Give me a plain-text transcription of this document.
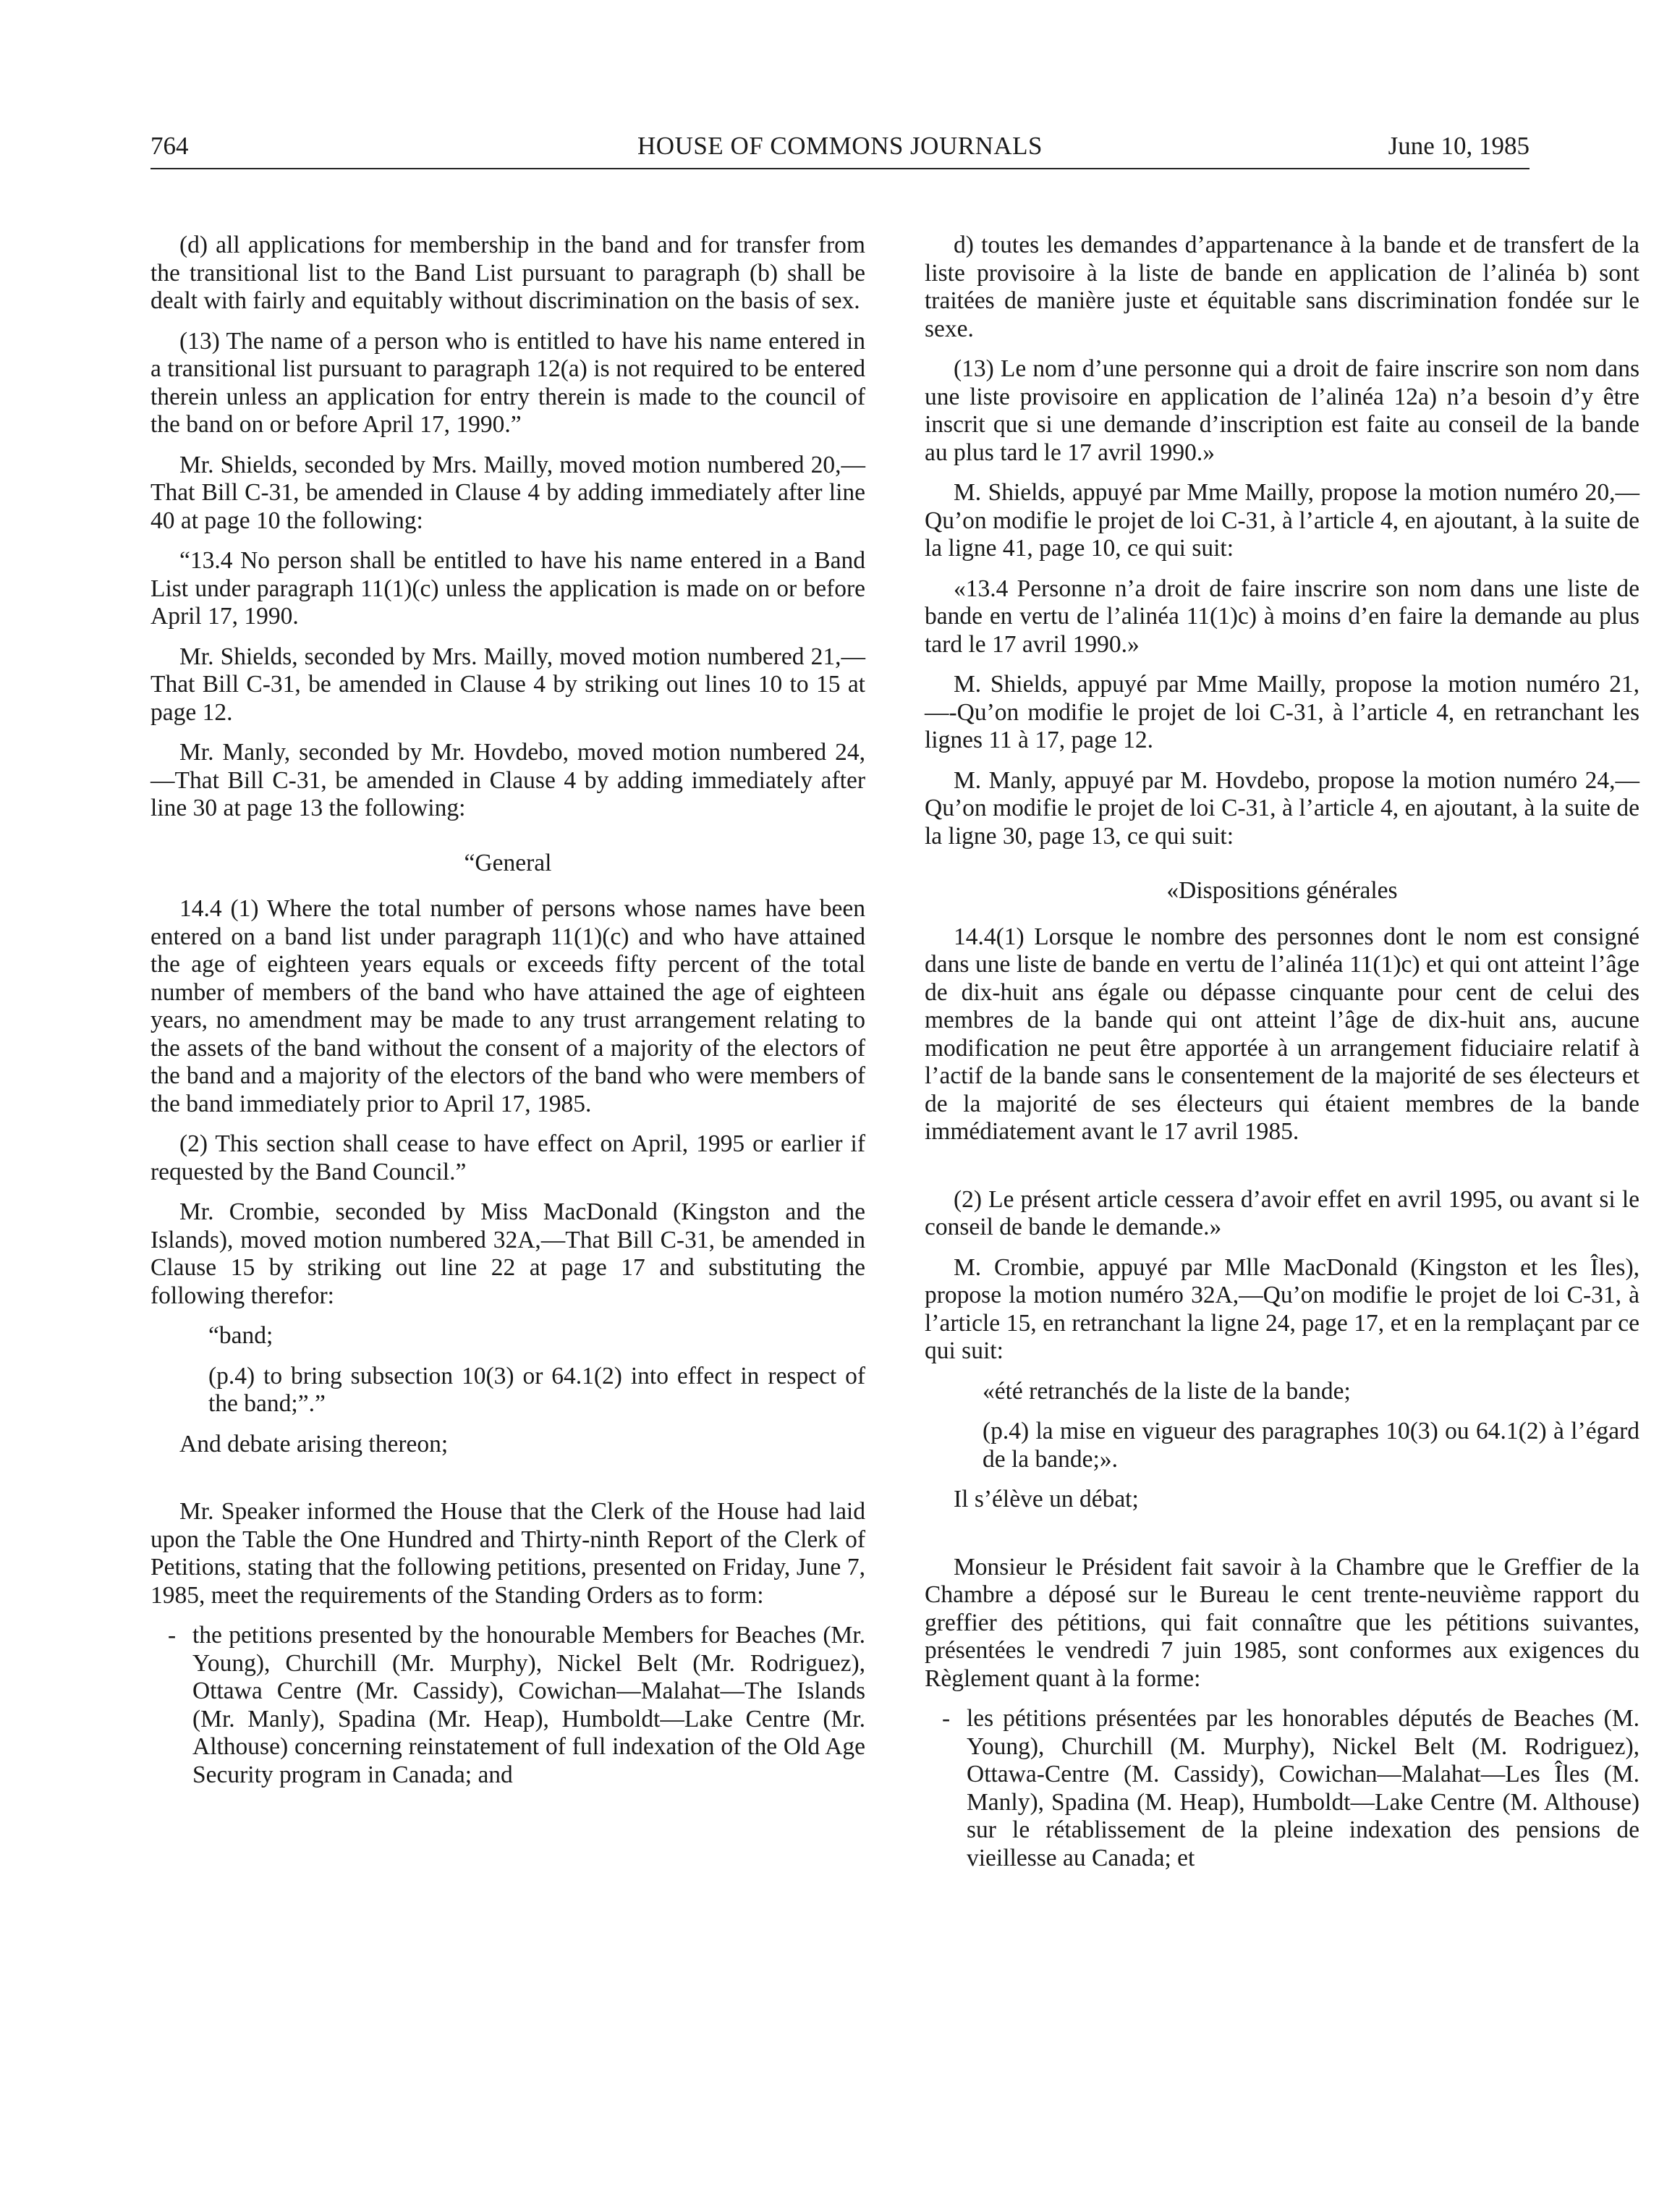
764	HOUSE OF COMMONS JOURNALS	June 10, 1985

(d) all applications for membership in the band and for transfer from the transitional list to the Band List pursuant to paragraph (b) shall be dealt with fairly and equitably without discrimination on the basis of sex.

(13) The name of a person who is entitled to have his name entered in a transitional list pursuant to paragraph 12(a) is not required to be entered therein unless an application for entry therein is made to the council of the band on or before April 17, 1990.”

Mr. Shields, seconded by Mrs. Mailly, moved motion numbered 20,—That Bill C-31, be amended in Clause 4 by adding immediately after line 40 at page 10 the following:

“13.4 No person shall be entitled to have his name entered in a Band List under paragraph 11(1)(c) unless the application is made on or before April 17, 1990.

Mr. Shields, seconded by Mrs. Mailly, moved motion numbered 21,—That Bill C-31, be amended in Clause 4 by striking out lines 10 to 15 at page 12.

Mr. Manly, seconded by Mr. Hovdebo, moved motion numbered 24,—That Bill C-31, be amended in Clause 4 by adding immediately after line 30 at page 13 the following:

“General

14.4 (1) Where the total number of persons whose names have been entered on a band list under paragraph 11(1)(c) and who have attained the age of eighteen years equals or exceeds fifty percent of the total number of members of the band who have attained the age of eighteen years, no amendment may be made to any trust arrangement relating to the assets of the band without the consent of a majority of the electors of the band and a majority of the electors of the band who were members of the band immediately prior to April 17, 1985.

(2) This section shall cease to have effect on April, 1995 or earlier if requested by the Band Council.”

Mr. Crombie, seconded by Miss MacDonald (Kingston and the Islands), moved motion numbered 32A,—That Bill C-31, be amended in Clause 15 by striking out line 22 at page 17 and substituting the following therefor:

“band;

(p.4) to bring subsection 10(3) or 64.1(2) into effect in respect of the band;”.”

And debate arising thereon;

Mr. Speaker informed the House that the Clerk of the House had laid upon the Table the One Hundred and Thirty-ninth Report of the Clerk of Petitions, stating that the following petitions, presented on Friday, June 7, 1985, meet the requirements of the Standing Orders as to form:

- the petitions presented by the honourable Members for Beaches (Mr. Young), Churchill (Mr. Murphy), Nickel Belt (Mr. Rodriguez), Ottawa Centre (Mr. Cassidy), Cowichan—Malahat—The Islands (Mr. Manly), Spadina (Mr. Heap), Humboldt—Lake Centre (Mr. Althouse) concerning reinstatement of full indexation of the Old Age Security program in Canada; and

d) toutes les demandes d’appartenance à la bande et de transfert de la liste provisoire à la liste de bande en application de l’alinéa b) sont traitées de manière juste et équitable sans discrimination fondée sur le sexe.

(13) Le nom d’une personne qui a droit de faire inscrire son nom dans une liste provisoire en application de l’alinéa 12a) n’a besoin d’y être inscrit que si une demande d’inscription est faite au conseil de la bande au plus tard le 17 avril 1990.»

M. Shields, appuyé par Mme Mailly, propose la motion numéro 20,—Qu’on modifie le projet de loi C-31, à l’article 4, en ajoutant, à la suite de la ligne 41, page 10, ce qui suit:

«13.4 Personne n’a droit de faire inscrire son nom dans une liste de bande en vertu de l’alinéa 11(1)c) à moins d’en faire la demande au plus tard le 17 avril 1990.»

M. Shields, appuyé par Mme Mailly, propose la motion numéro 21,—-Qu’on modifie le projet de loi C-31, à l’article 4, en retranchant les lignes 11 à 17, page 12.

M. Manly, appuyé par M. Hovdebo, propose la motion numéro 24,—Qu’on modifie le projet de loi C-31, à l’article 4, en ajoutant, à la suite de la ligne 30, page 13, ce qui suit:

«Dispositions générales

14.4(1) Lorsque le nombre des personnes dont le nom est consigné dans une liste de bande en vertu de l’alinéa 11(1)c) et qui ont atteint l’âge de dix-huit ans égale ou dépasse cinquante pour cent de celui des membres de la bande qui ont atteint l’âge de dix-huit ans, aucune modification ne peut être apportée à un arrangement fiduciaire relatif à l’actif de la bande sans le consentement de la majorité de ses électeurs et de la majorité de ses électeurs qui étaient membres de la bande immédiatement avant le 17 avril 1985.

(2) Le présent article cessera d’avoir effet en avril 1995, ou avant si le conseil de bande le demande.»

M. Crombie, appuyé par Mlle MacDonald (Kingston et les Îles), propose la motion numéro 32A,—Qu’on modifie le projet de loi C-31, à l’article 15, en retranchant la ligne 24, page 17, et en la remplaçant par ce qui suit:

«été retranchés de la liste de la bande;

(p.4) la mise en vigueur des paragraphes 10(3) ou 64.1(2) à l’égard de la bande;».

Il s’élève un débat;

Monsieur le Président fait savoir à la Chambre que le Greffier de la Chambre a déposé sur le Bureau le cent trente-neuvième rapport du greffier des pétitions, qui fait connaître que les pétitions suivantes, présentées le vendredi 7 juin 1985, sont conformes aux exigences du Règlement quant à la forme:

- les pétitions présentées par les honorables députés de Beaches (M. Young), Churchill (M. Murphy), Nickel Belt (M. Rodriguez), Ottawa-Centre (M. Cassidy), Cowichan—Malahat—Les Îles (M. Manly), Spadina (M. Heap), Humboldt—Lake Centre (M. Althouse) sur le rétablissement de la pleine indexation des pensions de vieillesse au Canada; et
